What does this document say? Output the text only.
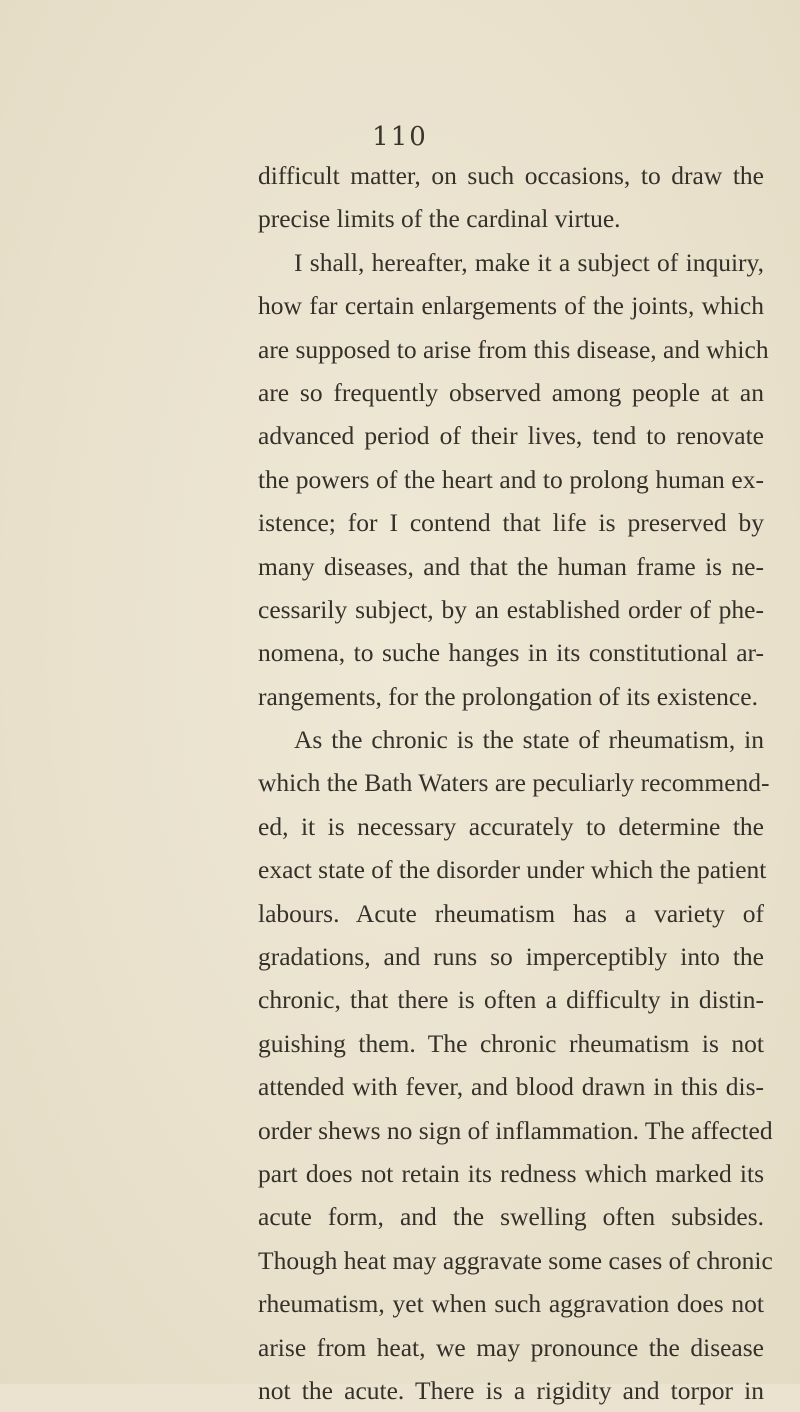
110
difficult matter, on such occasions, to draw the
precise limits of the cardinal virtue.
I shall, hereafter, make it a subject of inquiry,
how far certain enlargements of the joints, which
are supposed to arise from this disease, and which
are so frequently observed among people at an
advanced period of their lives, tend to renovate
the powers of the heart and to prolong human ex-
istence; for I contend that life is preserved by
many diseases, and that the human frame is ne-
cessarily subject, by an established order of phe-
nomena, to suche hanges in its constitutional ar-
rangements, for the prolongation of its existence.
As the chronic is the state of rheumatism, in
which the Bath Waters are peculiarly recommend-
ed, it is necessary accurately to determine the
exact state of the disorder under which the patient
labours. Acute rheumatism has a variety of
gradations, and runs so imperceptibly into the
chronic, that there is often a difficulty in distin-
guishing them. The chronic rheumatism is not
attended with fever, and blood drawn in this dis-
order shews no sign of inflammation. The affected
part does not retain its redness which marked its
acute form, and the swelling often subsides.
Though heat may aggravate some cases of chronic
rheumatism, yet when such aggravation does not
arise from heat, we may pronounce the disease
not the acute. There is a rigidity and torpor in
